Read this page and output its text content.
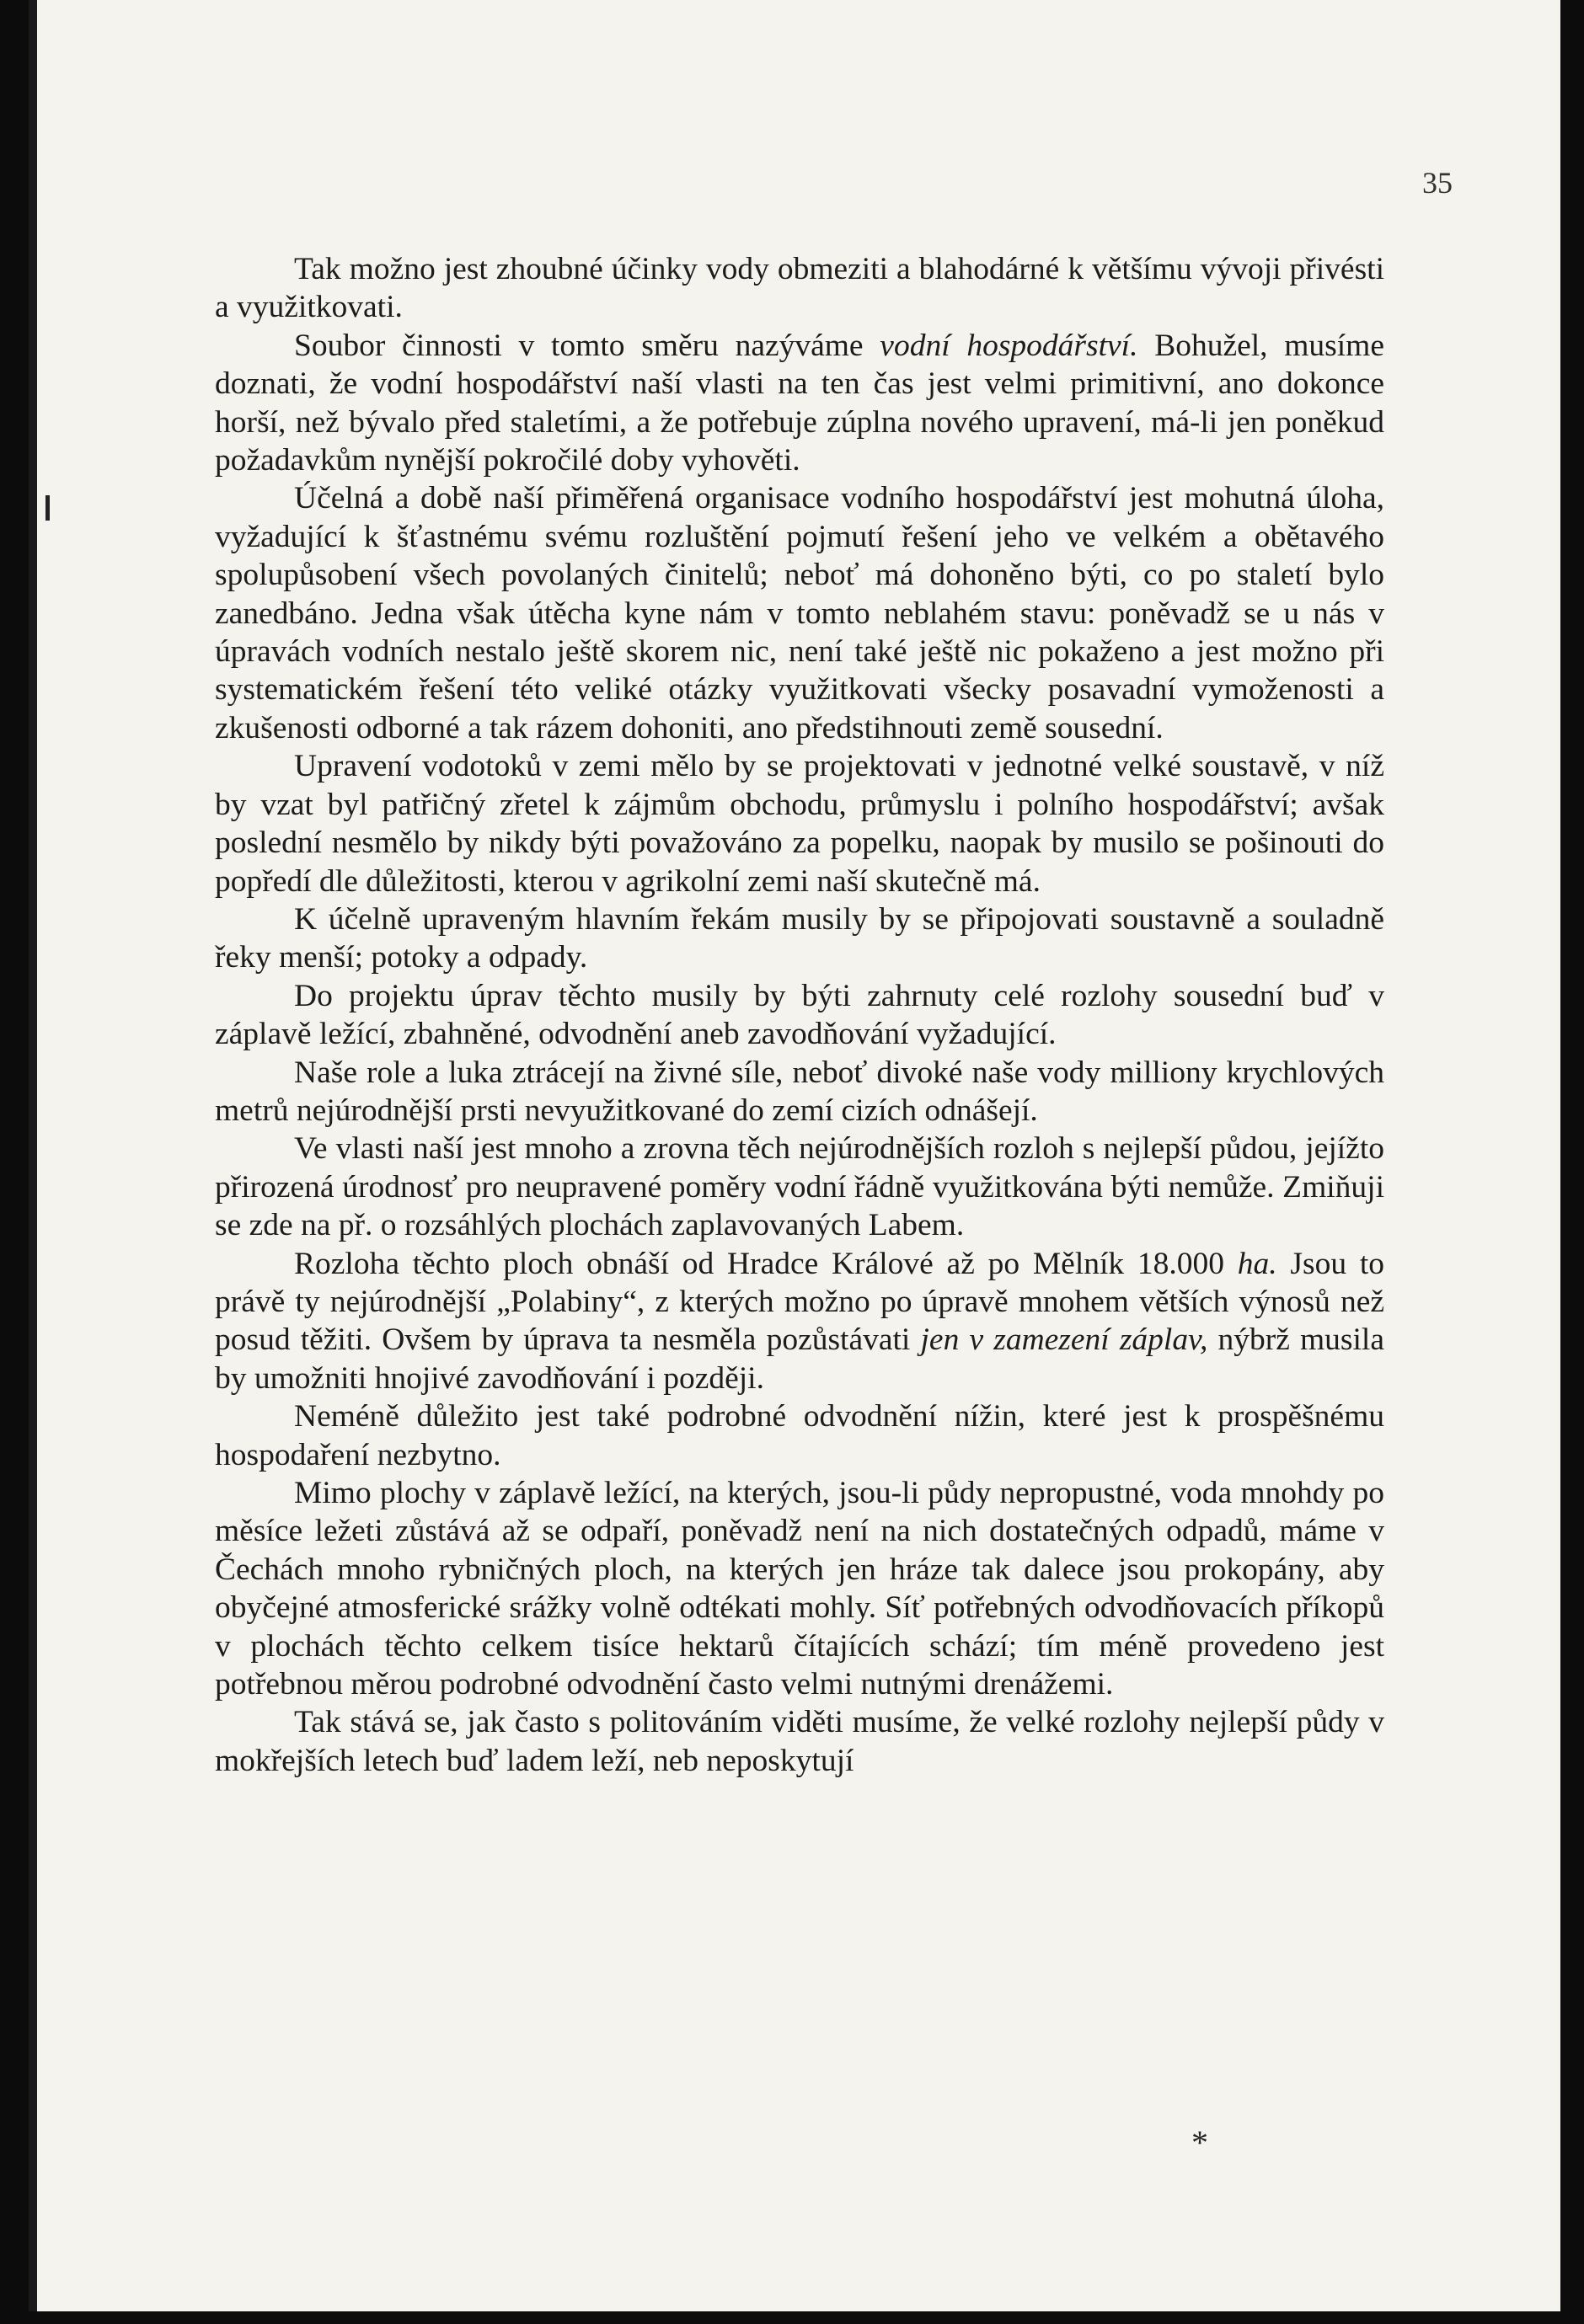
35

Tak možno jest zhoubné účinky vody obmeziti a blahodárné k většímu vývoji přivésti a využitkovati.

Soubor činnosti v tomto směru nazýváme vodní hospodářství. Bohužel, musíme doznati, že vodní hospodářství naší vlasti na ten čas jest velmi primitivní, ano dokonce horší, než bývalo před staletími, a že potřebuje zúplna nového upravení, má-li jen poněkud požadavkům nynější pokročilé doby vyhověti.

Účelná a době naší přiměřená organisace vodního hospodářství jest mohutná úloha, vyžadující k šťastnému svému rozluštění pojmutí řešení jeho ve velkém a obětavého spolupůsobení všech povolaných činitelů; neboť má dohoněno býti, co po staletí bylo zanedbáno. Jedna však útěcha kyne nám v tomto neblahém stavu: poněvadž se u nás v úpravách vodních nestalo ještě skorem nic, není také ještě nic pokaženo a jest možno při systematickém řešení této veliké otázky využitkovati všecky posavadní vymoženosti a zkušenosti odborné a tak rázem dohoniti, ano předstihnouti země sousední.

Upravení vodotoků v zemi mělo by se projektovati v jednotné velké soustavě, v níž by vzat byl patřičný zřetel k zájmům obchodu, průmyslu i polního hospodářství; avšak poslední nesmělo by nikdy býti považováno za popelku, naopak by musilo se pošinouti do popředí dle důležitosti, kterou v agrikolní zemi naší skutečně má.

K účelně upraveným hlavním řekám musily by se připojovati soustavně a souladně řeky menší; potoky a odpady.

Do projektu úprav těchto musily by býti zahrnuty celé rozlohy sousední buď v záplavě ležící, zbahněné, odvodnění aneb zavodňování vyžadující.

Naše role a luka ztrácejí na živné síle, neboť divoké naše vody milliony krychlových metrů nejúrodnější prsti nevyužitkované do zemí cizích odnášejí.

Ve vlasti naší jest mnoho a zrovna těch nejúrodnějších rozloh s nejlepší půdou, jejížto přirozená úrodnosť pro neupravené poměry vodní řádně využitkována býti nemůže. Zmiňuji se zde na př. o rozsáhlých plochách zaplavovaných Labem.

Rozloha těchto ploch obnáší od Hradce Králové až po Mělník 18.000 ha. Jsou to právě ty nejúrodnější „Polabiny“, z kterých možno po úpravě mnohem větších výnosů než posud těžiti. Ovšem by úprava ta nesměla pozůstávati jen v zamezení záplav, nýbrž musila by umožniti hnojivé zavodňování i později.

Neméně důležito jest také podrobné odvodnění nížin, které jest k prospěšnému hospodaření nezbytno.

Mimo plochy v záplavě ležící, na kterých, jsou-li půdy nepropustné, voda mnohdy po měsíce ležeti zůstává až se odpaří, poněvadž není na nich dostatečných odpadů, máme v Čechách mnoho rybničných ploch, na kterých jen hráze tak dalece jsou prokopány, aby obyčejné atmosferické srážky volně odtékati mohly. Síť potřebných odvodňovacích příkopů v plochách těchto celkem tisíce hektarů čítajících schází; tím méně provedeno jest potřebnou měrou podrobné odvodnění často velmi nutnými drenážemi.

Tak stává se, jak často s politováním viděti musíme, že velké rozlohy nejlepší půdy v mokřejších letech buď ladem leží, neb neposkytují

*
